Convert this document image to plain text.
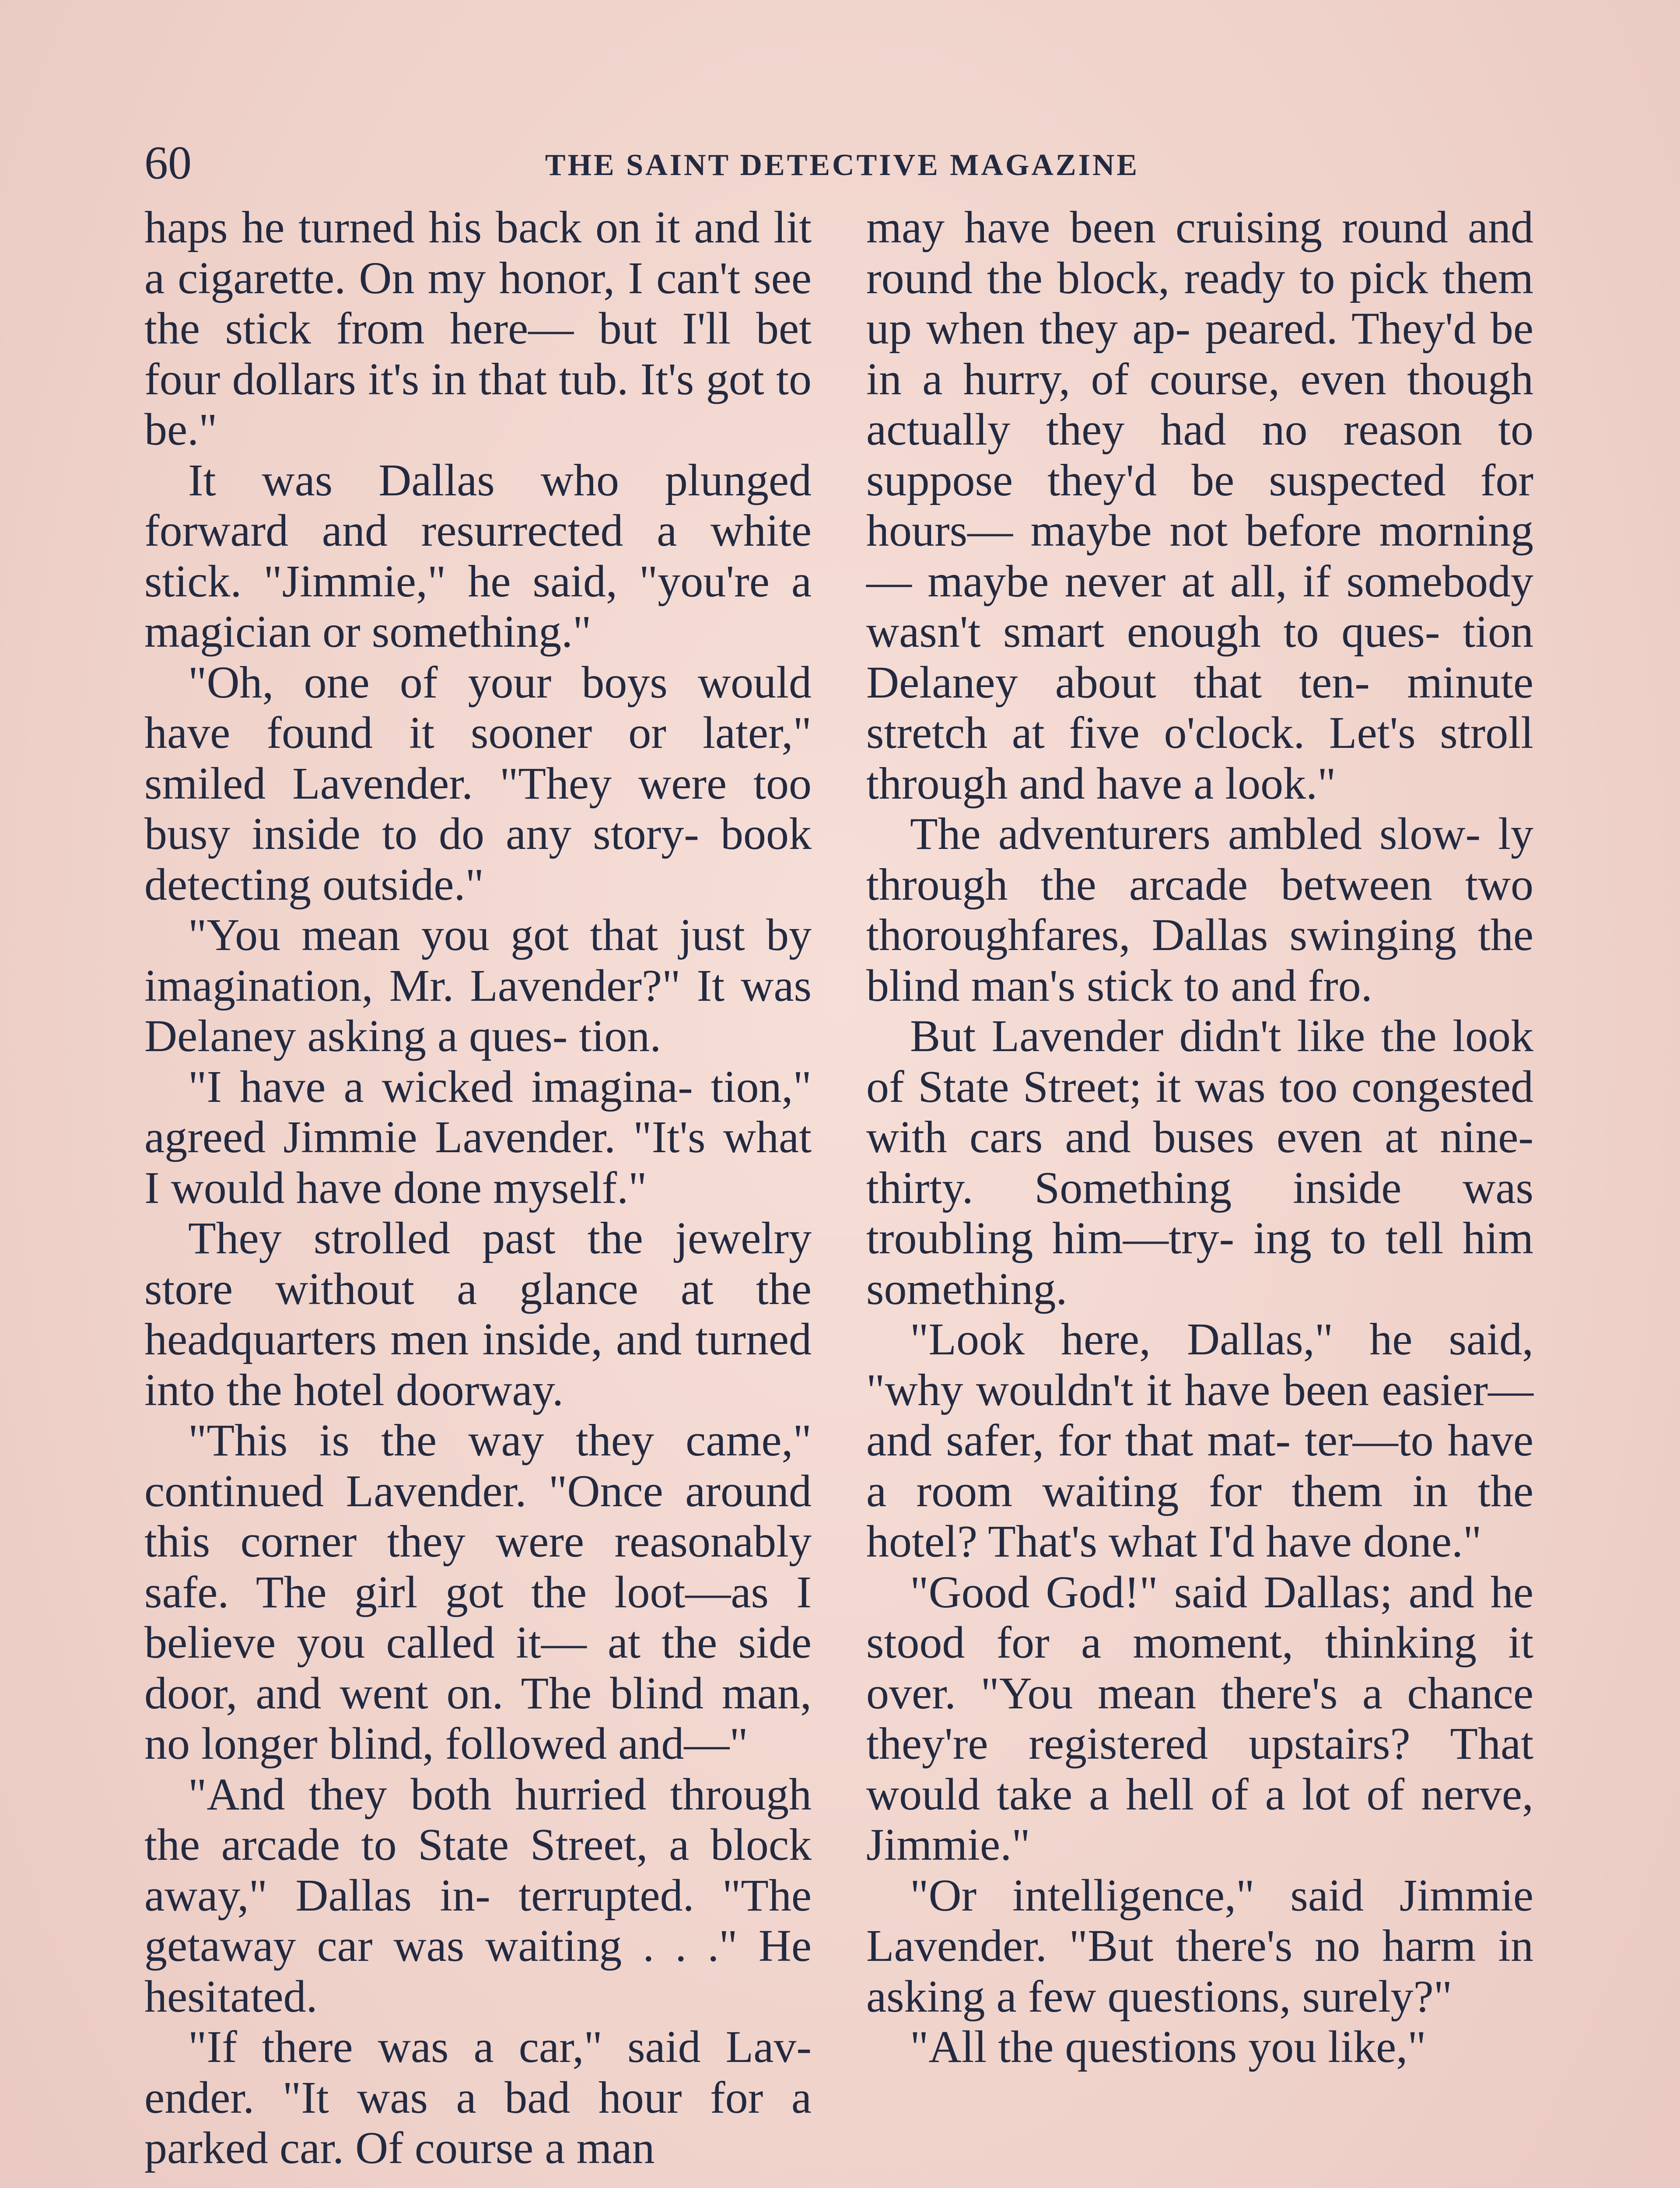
60	THE SAINT DETECTIVE MAGAZINE

haps he turned his back on it and lit a cigarette. On my honor, I can't see the stick from here— but I'll bet four dollars it's in that tub. It's got to be."

It was Dallas who plunged forward and resurrected a white stick. "Jimmie," he said, "you're a magician or something."

"Oh, one of your boys would have found it sooner or later," smiled Lavender. "They were too busy inside to do any story- book detecting outside."

"You mean you got that just by imagination, Mr. Lavender?" It was Delaney asking a ques- tion.

"I have a wicked imagina- tion," agreed Jimmie Lavender. "It's what I would have done myself."

They strolled past the jewelry store without a glance at the headquarters men inside, and turned into the hotel doorway.

"This is the way they came," continued Lavender. "Once around this corner they were reasonably safe. The girl got the loot—as I believe you called it— at the side door, and went on. The blind man, no longer blind, followed and—"

"And they both hurried through the arcade to State Street, a block away," Dallas in- terrupted. "The getaway car was waiting . . ." He hesitated.

"If there was a car," said Lav- ender. "It was a bad hour for a parked car. Of course a man

may have been cruising round and round the block, ready to pick them up when they ap- peared. They'd be in a hurry, of course, even though actually they had no reason to suppose they'd be suspected for hours— maybe not before morning— maybe never at all, if somebody wasn't smart enough to ques- tion Delaney about that ten- minute stretch at five o'clock. Let's stroll through and have a look."

The adventurers ambled slow- ly through the arcade between two thoroughfares, Dallas swinging the blind man's stick to and fro.

But Lavender didn't like the look of State Street; it was too congested with cars and buses even at nine-thirty. Something inside was troubling him—try- ing to tell him something.

"Look here, Dallas," he said, "why wouldn't it have been easier—and safer, for that mat- ter—to have a room waiting for them in the hotel? That's what I'd have done."

"Good God!" said Dallas; and he stood for a moment, thinking it over. "You mean there's a chance they're registered upstairs? That would take a hell of a lot of nerve, Jimmie."

"Or intelligence," said Jimmie Lavender. "But there's no harm in asking a few questions, surely?"

"All the questions you like,"
